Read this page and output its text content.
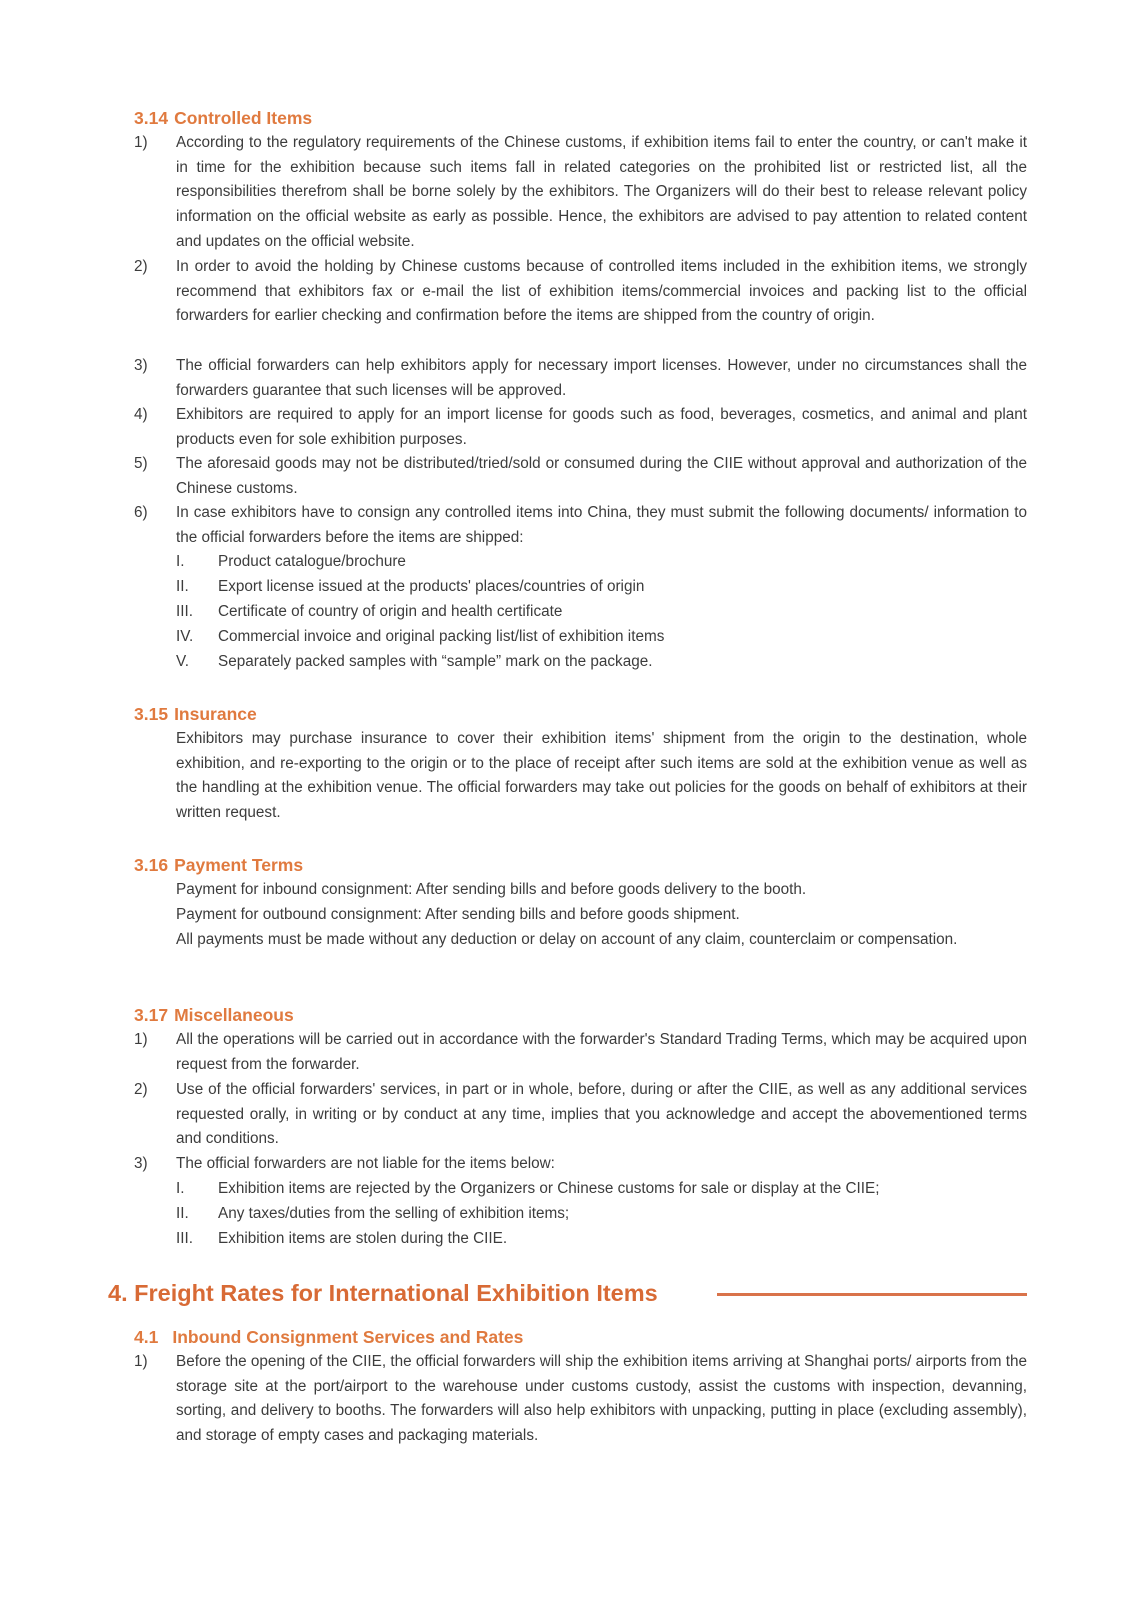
3.14 Controlled Items
1)	According to the regulatory requirements of the Chinese customs, if exhibition items fail to enter the country, or can't make it in time for the exhibition because such items fall in related categories on the prohibited list or restricted list, all the responsibilities therefrom shall be borne solely by the exhibitors. The Organizers will do their best to release relevant policy information on the official website as early as possible. Hence, the exhibitors are advised to pay attention to related content and updates on the official website.
2)	In order to avoid the holding by Chinese customs because of controlled items included in the exhibition items, we strongly recommend that exhibitors fax or e-mail the list of exhibition items/commercial invoices and packing list to the official forwarders for earlier checking and confirmation before the items are shipped from the country of origin.
3)	The official forwarders can help exhibitors apply for necessary import licenses. However, under no circumstances shall the forwarders guarantee that such licenses will be approved.
4)	Exhibitors are required to apply for an import license for goods such as food, beverages, cosmetics, and animal and plant products even for sole exhibition purposes.
5)	The aforesaid goods may not be distributed/tried/sold or consumed during the CIIE without approval and authorization of the Chinese customs.
6)	In case exhibitors have to consign any controlled items into China, they must submit the following documents/ information to the official forwarders before the items are shipped:
I.	Product catalogue/brochure
II.	Export license issued at the products' places/countries of origin
III.	Certificate of country of origin and health certificate
IV.	Commercial invoice and original packing list/list of exhibition items
V.	Separately packed samples with “sample” mark on the package.
3.15 Insurance
Exhibitors may purchase insurance to cover their exhibition items' shipment from the origin to the destination, whole exhibition, and re-exporting to the origin or to the place of receipt after such items are sold at the exhibition venue as well as the handling at the exhibition venue. The official forwarders may take out policies for the goods on behalf of exhibitors at their written request.
3.16 Payment Terms
Payment for inbound consignment: After sending bills and before goods delivery to the booth.
Payment for outbound consignment: After sending bills and before goods shipment.
All payments must be made without any deduction or delay on account of any claim, counterclaim or compensation.
3.17 Miscellaneous
1)	All the operations will be carried out in accordance with the forwarder's Standard Trading Terms, which may be acquired upon request from the forwarder.
2)	Use of the official forwarders' services, in part or in whole, before, during or after the CIIE, as well as any additional services requested orally, in writing or by conduct at any time, implies that you acknowledge and accept the abovementioned terms and conditions.
3)	The official forwarders are not liable for the items below:
I.	Exhibition items are rejected by the Organizers or Chinese customs for sale or display at the CIIE;
II.	Any taxes/duties from the selling of exhibition items;
III.	Exhibition items are stolen during the CIIE.
4. Freight Rates for International Exhibition Items
4.1 Inbound Consignment Services and Rates
1)	Before the opening of the CIIE, the official forwarders will ship the exhibition items arriving at Shanghai ports/ airports from the storage site at the port/airport to the warehouse under customs custody, assist the customs with inspection, devanning, sorting, and delivery to booths. The forwarders will also help exhibitors with unpacking, putting in place (excluding assembly), and storage of empty cases and packaging materials.
